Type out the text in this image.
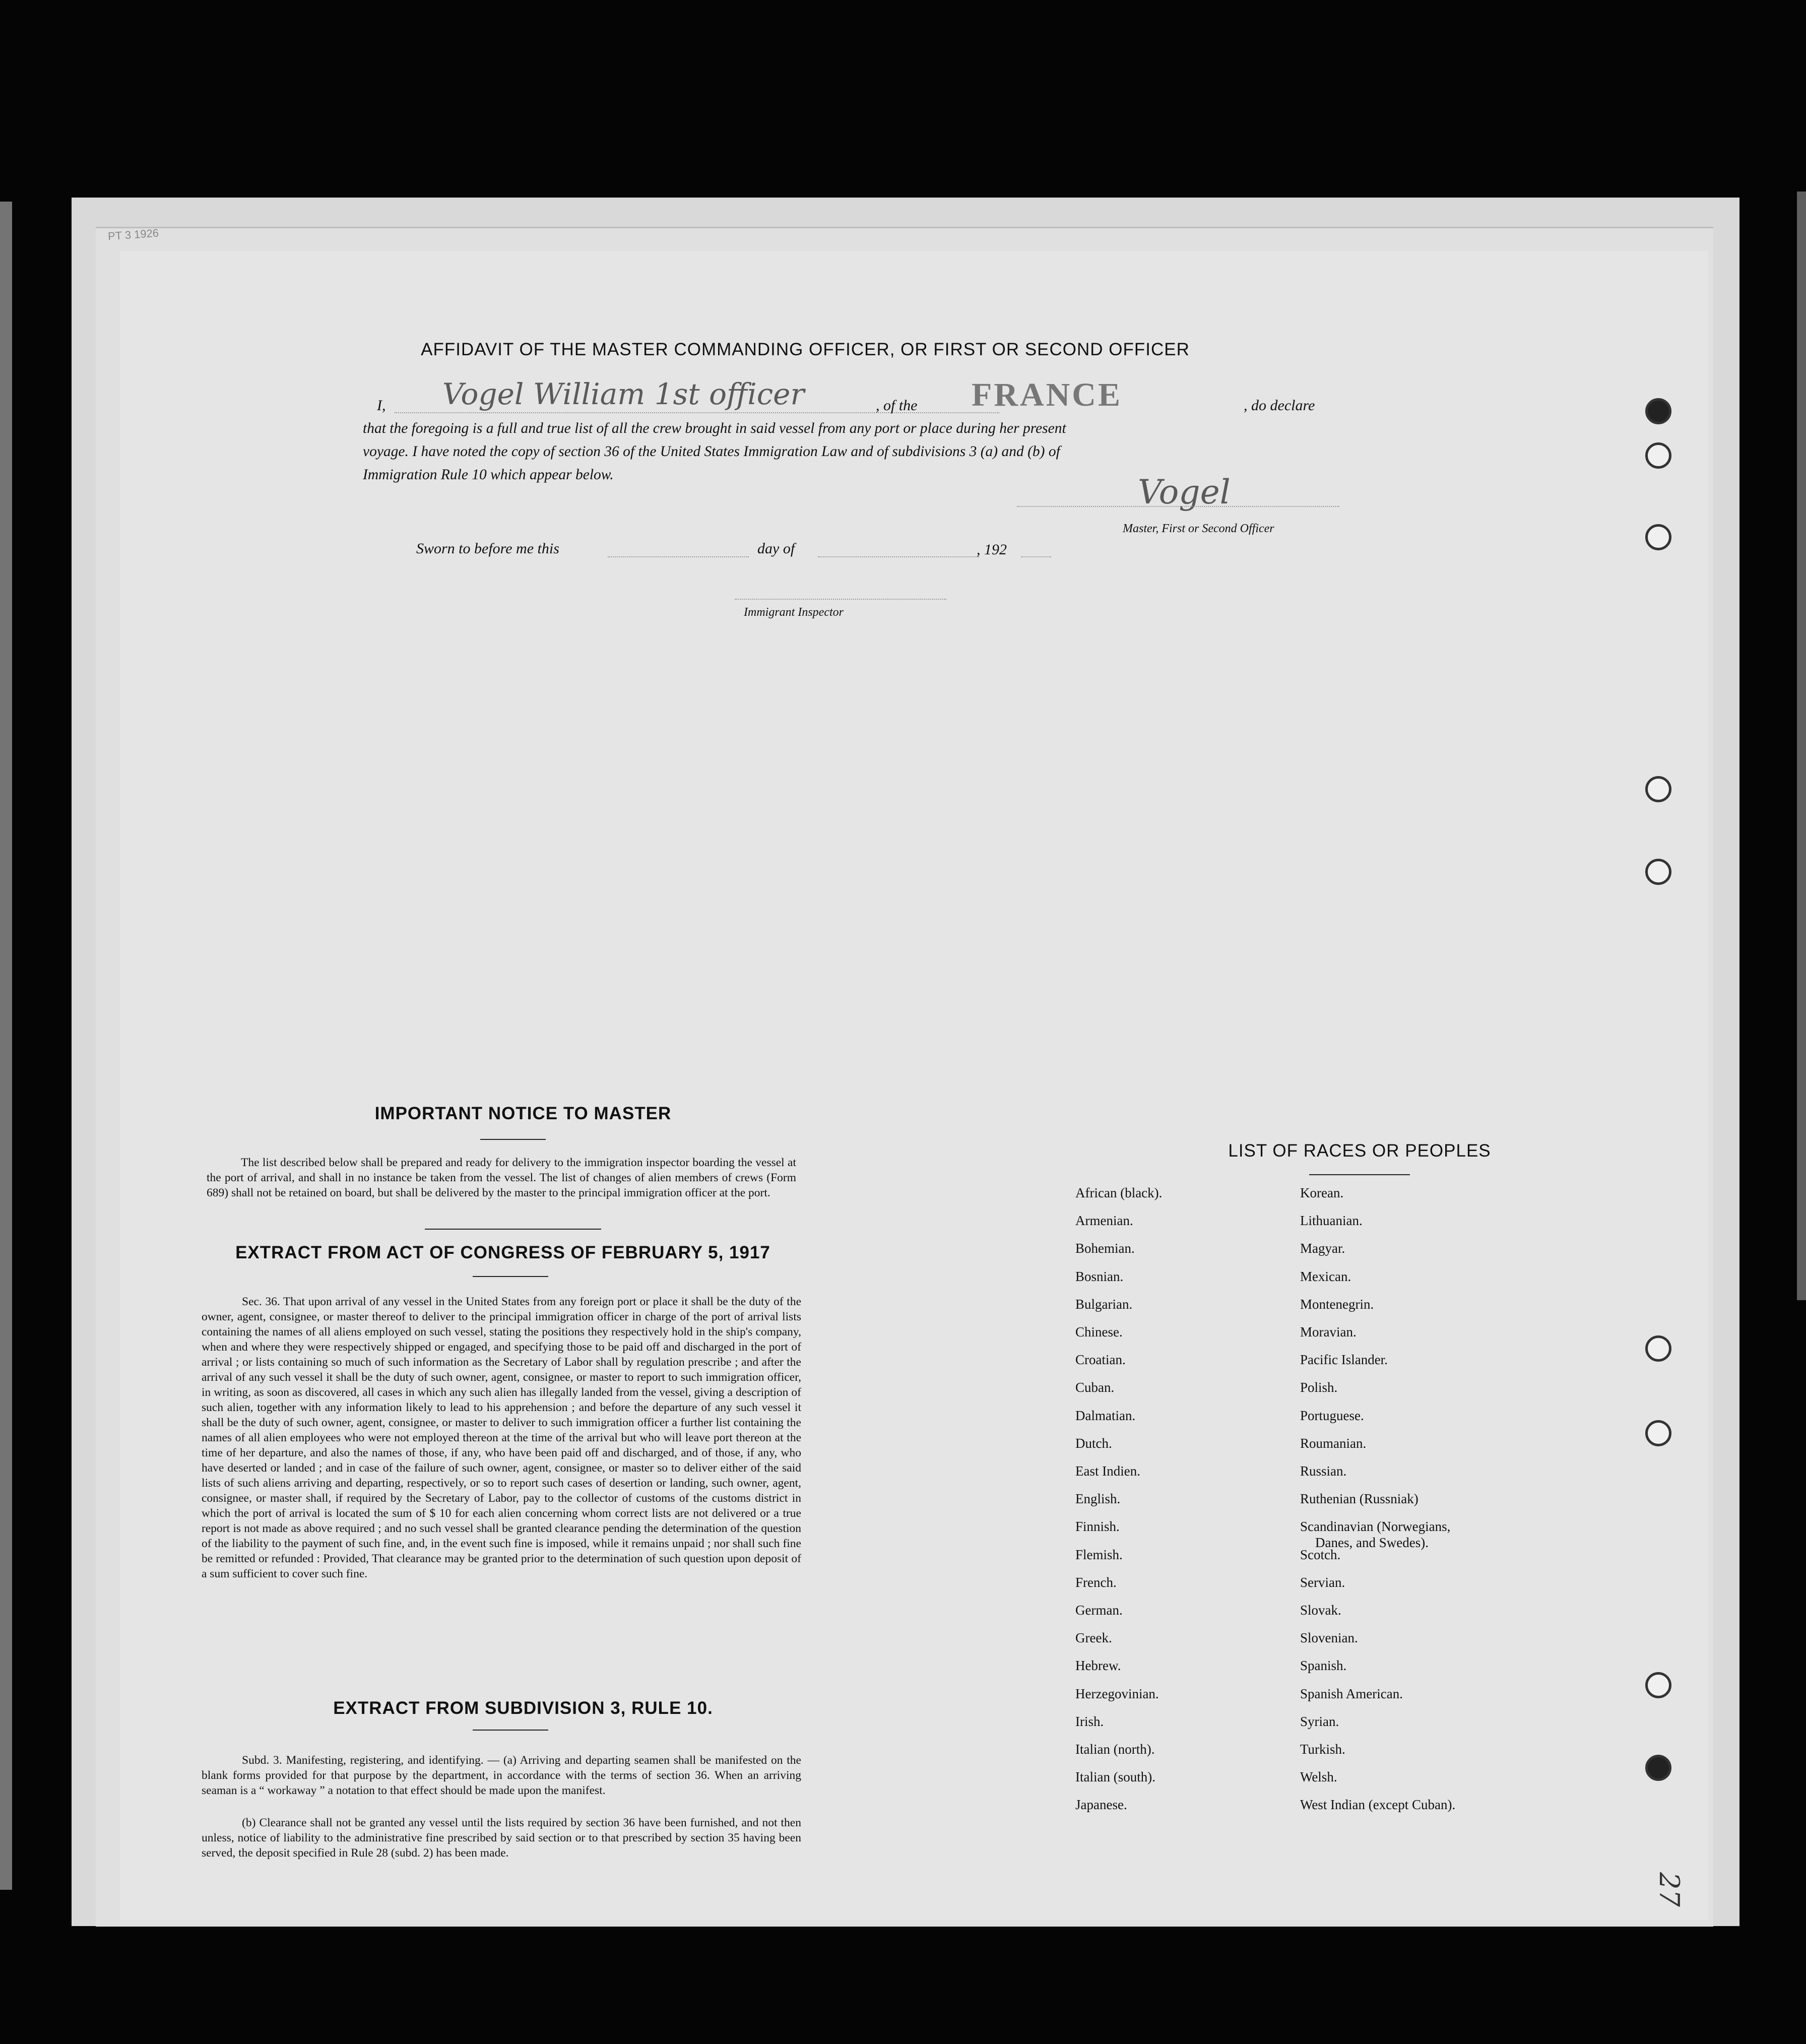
PT 3 1926
AFFIDAVIT OF THE MASTER COMMANDING OFFICER, OR FIRST OR SECOND OFFICER
I, Vogel William 1st officer	, of the FRANCE	, do declare
that the foregoing is a full and true list of all the crew brought in said vessel from any port or place during her present
voyage. I have noted the copy of section 36 of the United States Immigration Law and of subdivisions 3 (a) and (b) of
Immigration Rule 10 which appear below.	Vogel
Master, First or Second Officer
Sworn to before me this	day of	, 192
Immigrant Inspector
IMPORTANT NOTICE TO MASTER
The list described below shall be prepared and ready for delivery to the immigration inspector boarding the vessel at the port of arrival, and shall in no instance be taken from the vessel. The list of changes of alien members of crews (Form 689) shall not be retained on board, but shall be delivered by the master to the principal immigration officer at the port.
EXTRACT FROM ACT OF CONGRESS OF FEBRUARY 5, 1917
Sec. 36. That upon arrival of any vessel in the United States from any foreign port or place it shall be the duty of the owner, agent, consignee, or master thereof to deliver to the principal immigration officer in charge of the port of arrival lists containing the names of all aliens employed on such vessel, stating the positions they respectively hold in the ship's company, when and where they were respectively shipped or engaged, and specifying those to be paid off and discharged in the port of arrival ; or lists containing so much of such information as the Secretary of Labor shall by regulation prescribe ; and after the arrival of any such vessel it shall be the duty of such owner, agent, consignee, or master to report to such immigration officer, in writing, as soon as discovered, all cases in which any such alien has illegally landed from the vessel, giving a description of such alien, together with any information likely to lead to his apprehension ; and before the departure of any such vessel it shall be the duty of such owner, agent, consignee, or master to deliver to such immigration officer a further list containing the names of all alien employees who were not employed thereon at the time of the arrival but who will leave port thereon at the time of her departure, and also the names of those, if any, who have been paid off and discharged, and of those, if any, who have deserted or landed ; and in case of the failure of such owner, agent, consignee, or master so to deliver either of the said lists of such aliens arriving and departing, respectively, or so to report such cases of desertion or landing, such owner, agent, consignee, or master shall, if required by the Secretary of Labor, pay to the collector of customs of the customs district in which the port of arrival is located the sum of $ 10 for each alien concerning whom correct lists are not delivered or a true report is not made as above required ; and no such vessel shall be granted clearance pending the determination of the question of the liability to the payment of such fine, and, in the event such fine is imposed, while it remains unpaid ; nor shall such fine be remitted or refunded : Provided, That clearance may be granted prior to the determination of such question upon deposit of a sum sufficient to cover such fine.
EXTRACT FROM SUBDIVISION 3, RULE 10.
Subd. 3. Manifesting, registering, and identifying. — (a) Arriving and departing seamen shall be manifested on the blank forms provided for that purpose by the department, in accordance with the terms of section 36. When an arriving seaman is a “ workaway ” a notation to that effect should be made upon the manifest.
(b) Clearance shall not be granted any vessel until the lists required by section 36 have been furnished, and not then unless, notice of liability to the administrative fine prescribed by said section or to that prescribed by section 35 having been served, the deposit specified in Rule 28 (subd. 2) has been made.
LIST OF RACES OR PEOPLES
27
African (black).
Armenian.
Bohemian.
Bosnian.
Bulgarian.
Chinese.
Croatian.
Cuban.
Dalmatian.
Dutch.
East Indien.
English.
Finnish.
Flemish.
French.
German.
Greek.
Hebrew.
Herzegovinian.
Irish.
Italian (north).
Italian (south).
Japanese.
Korean.
Lithuanian.
Magyar.
Mexican.
Montenegrin.
Moravian.
Pacific Islander.
Polish.
Portuguese.
Roumanian.
Russian.
Ruthenian (Russniak)
Scandinavian (Norwegians,
Danes, and Swedes).
Scotch.
Servian.
Slovak.
Slovenian.
Spanish.
Spanish American.
Syrian.
Turkish.
Welsh.
West Indian (except Cuban).
